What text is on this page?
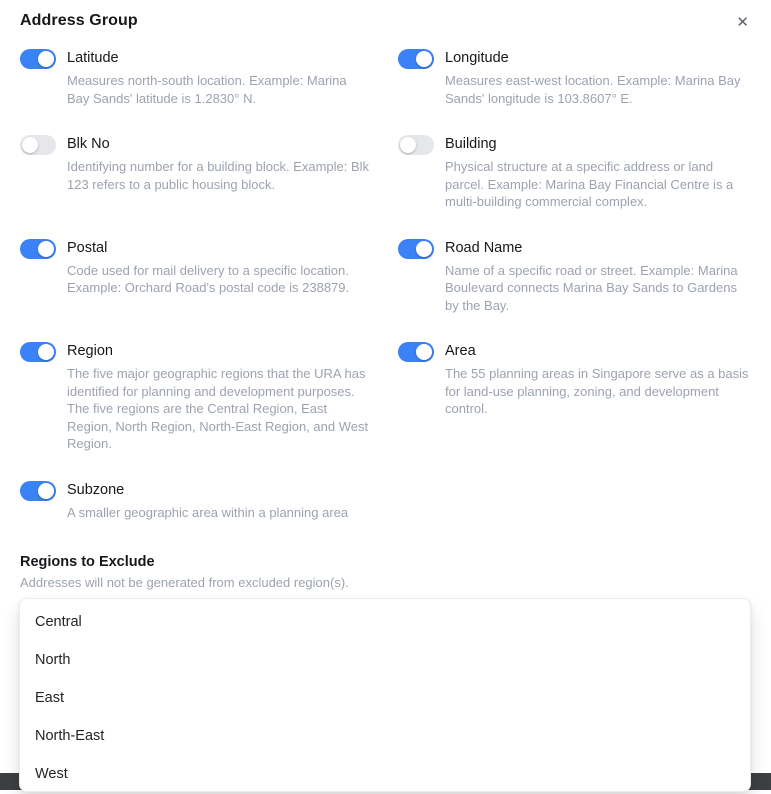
Address Group	✕
Latitude
Measures north-south location. Example: Marina Bay Sands' latitude is 1.2830° N.
Longitude
Measures east-west location. Example: Marina Bay Sands' longitude is 103.8607° E.
Blk No
Identifying number for a building block. Example: Blk 123 refers to a public housing block.
Building
Physical structure at a specific address or land parcel. Example: Marina Bay Financial Centre is a multi-building commercial complex.
Postal
Code used for mail delivery to a specific location. Example: Orchard Road's postal code is 238879.
Road Name
Name of a specific road or street. Example: Marina Boulevard connects Marina Bay Sands to Gardens by the Bay.
Region
The five major geographic regions that the URA has identified for planning and development purposes. The five regions are the Central Region, East Region, North Region, North-East Region, and West Region.
Area
The 55 planning areas in Singapore serve as a basis for land-use planning, zoning, and development control.
Subzone
A smaller geographic area within a planning area
Regions to Exclude
Addresses will not be generated from excluded region(s).
Central
North
East
North-East
West
